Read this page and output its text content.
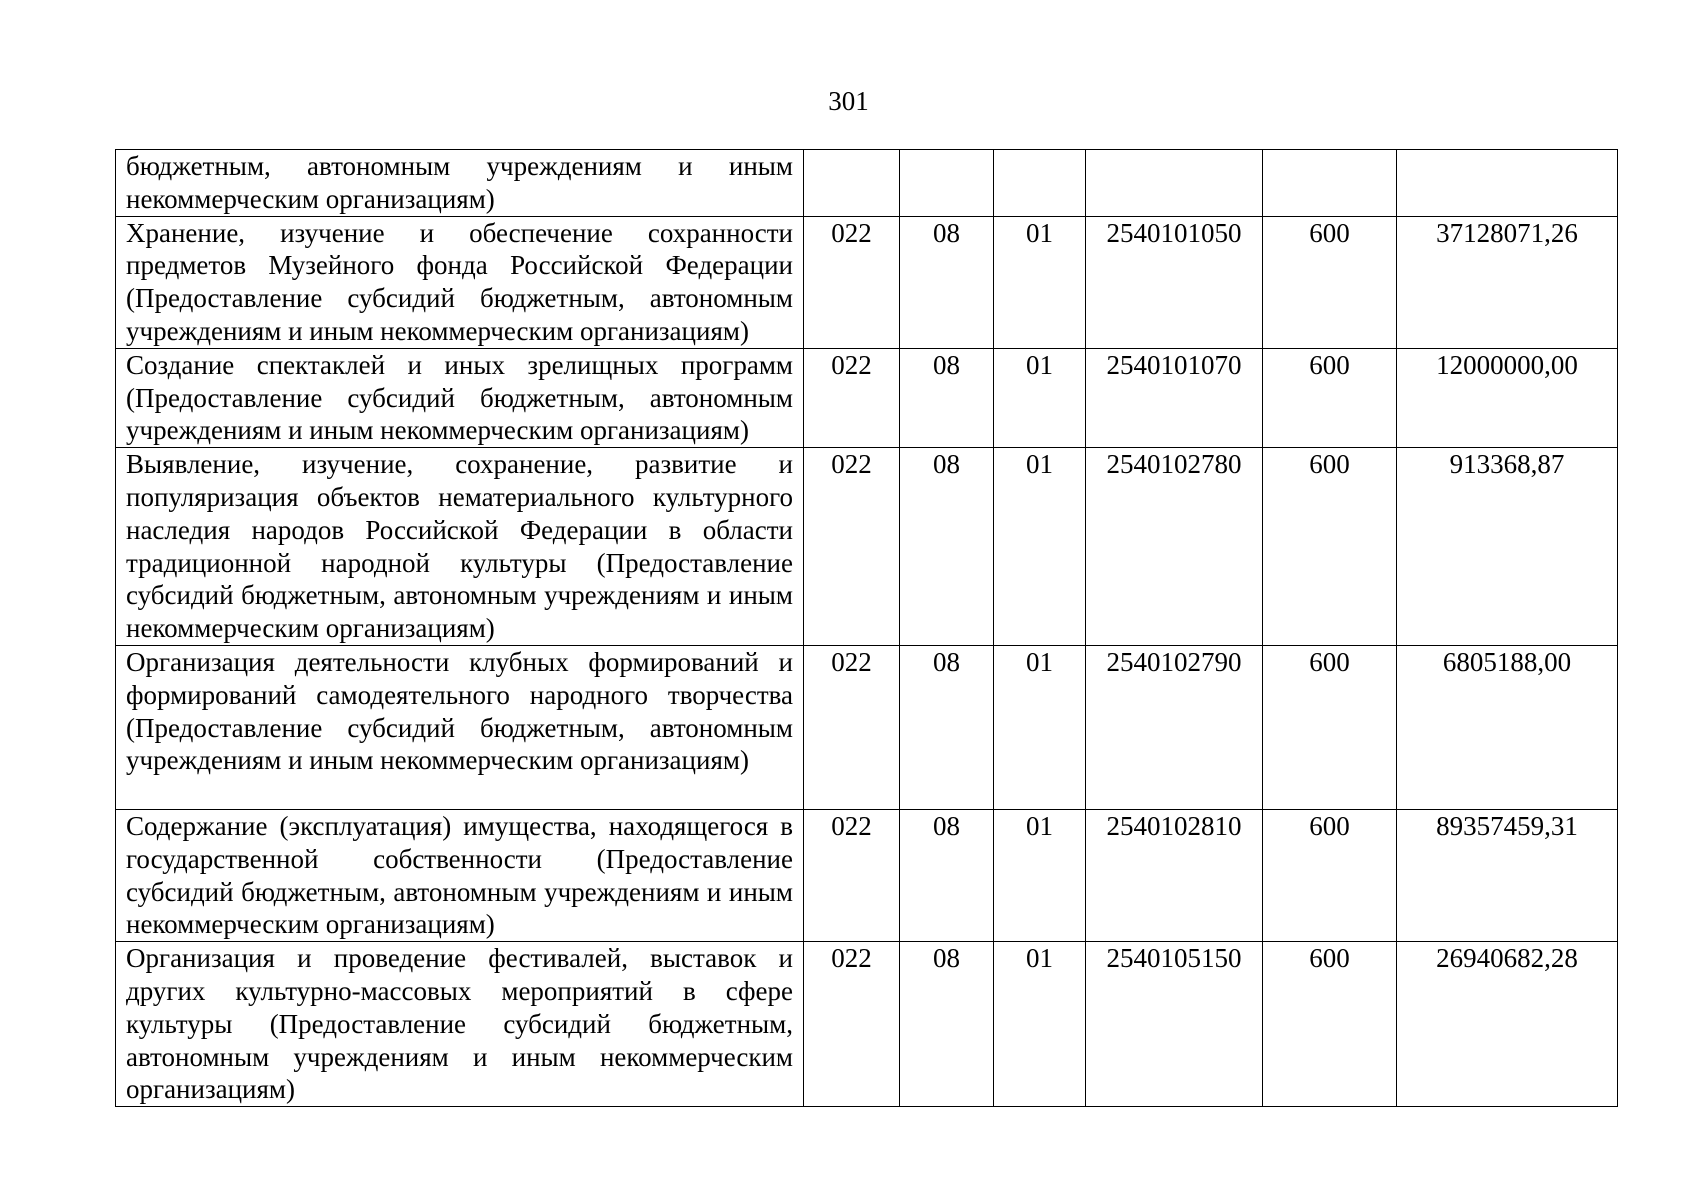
301
бюджетным, автономным учреждениям и иным некоммерческим организациям)						
Хранение, изучение и обеспечение сохранности предметов Музейного фонда Российской Федерации (Предоставление субсидий бюджетным, автономным учреждениям и иным некоммерческим организациям)	022	08	01	2540101050	600	37128071,26
Создание спектаклей и иных зрелищных программ (Предоставление субсидий бюджетным, автономным учреждениям и иным некоммерческим организациям)	022	08	01	2540101070	600	12000000,00
Выявление, изучение, сохранение, развитие и популяризация объектов нематериального культурного наследия народов Российской Федерации в области традиционной народной культуры (Предоставление субсидий бюджетным, автономным учреждениям и иным некоммерческим организациям)	022	08	01	2540102780	600	913368,87
Организация деятельности клубных формирований и формирований самодеятельного народного творчества (Предоставление субсидий бюджетным, автономным учреждениям и иным некоммерческим организациям)	022	08	01	2540102790	600	6805188,00
Содержание (эксплуатация) имущества, находящегося в государственной собственности (Предоставление субсидий бюджетным, автономным учреждениям и иным некоммерческим организациям)	022	08	01	2540102810	600	89357459,31
Организация и проведение фестивалей, выставок и других культурно-массовых мероприятий в сфере культуры (Предоставление субсидий бюджетным, автономным учреждениям и иным некоммерческим организациям)	022	08	01	2540105150	600	26940682,28
